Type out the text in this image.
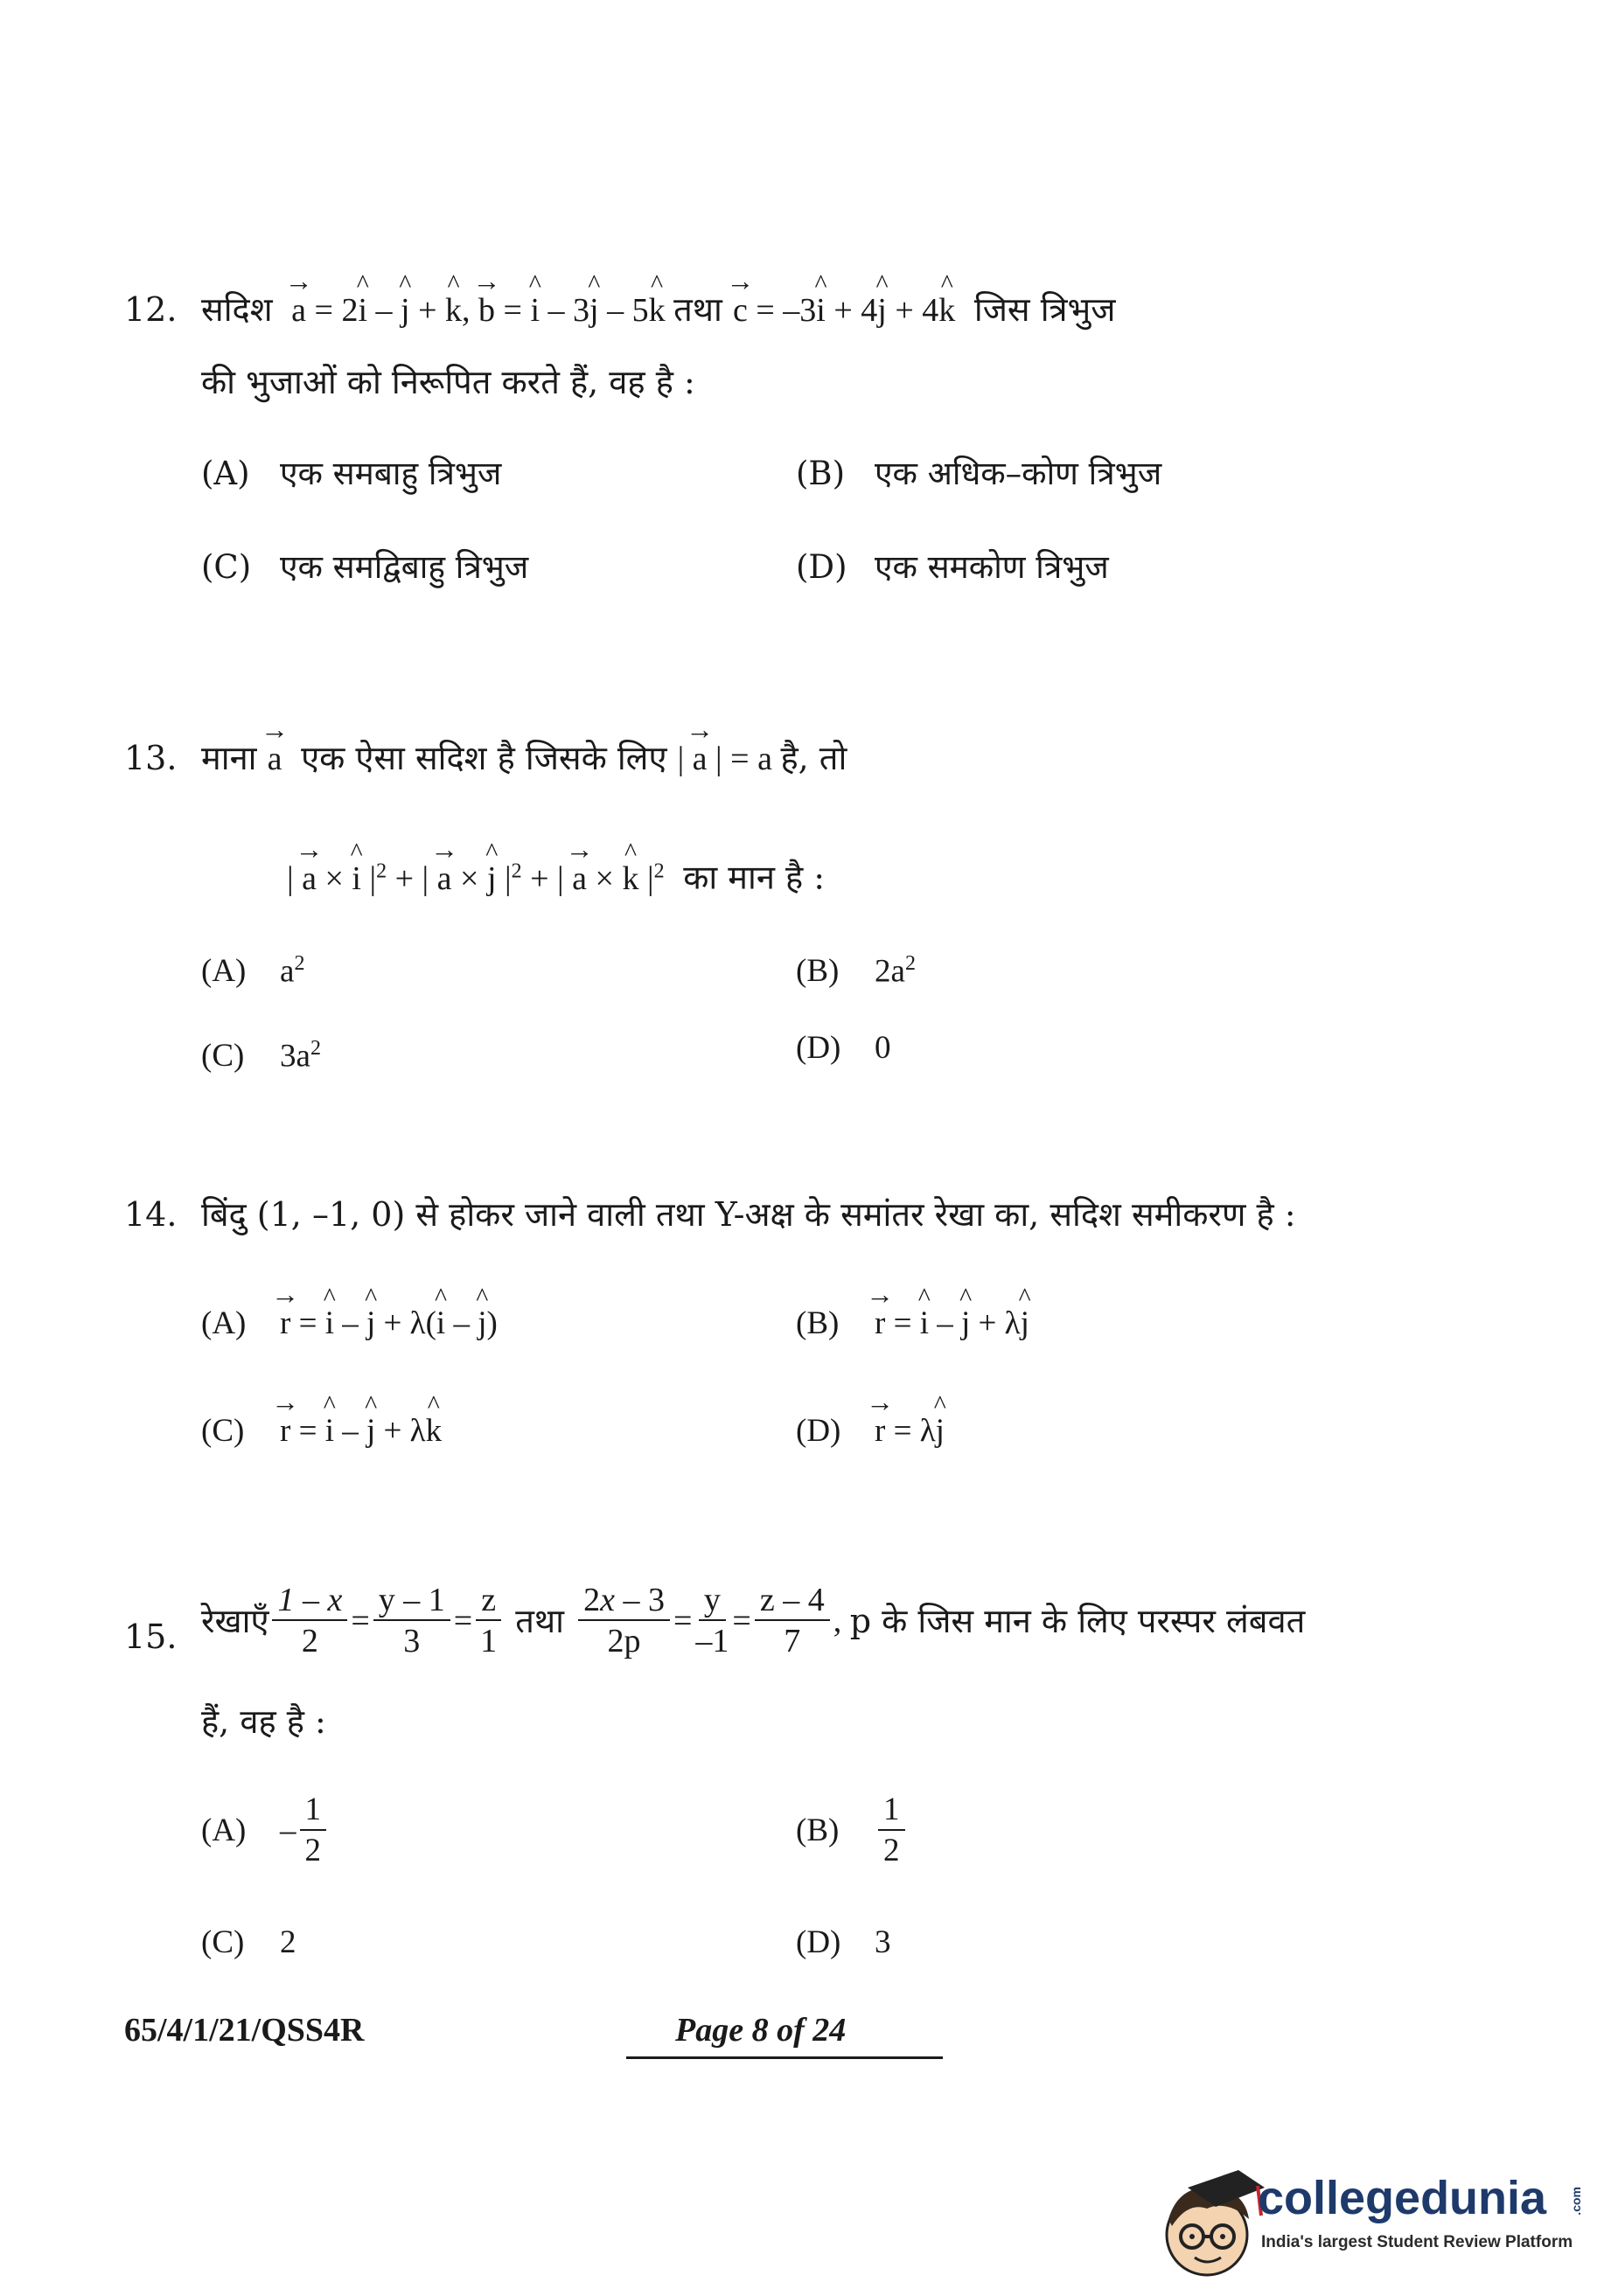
12. सदिश → a = 2^ i – ^ j + ^ k, → b = ^ i – 3^ j – 5^ k तथा → c = –3^ i + 4^ j + 4^ k जिस त्रिभुज
की भुजाओं को निरूपित करते हैं, वह है :
(A) एक समबाहु त्रिभुज	(B) एक अधिक–कोण त्रिभुज
(C) एक समद्विबाहु त्रिभुज	(D) एक समकोण त्रिभुज
13. माना → a एक ऐसा सदिश है जिसके लिए | → a | = a है, तो
| → a × ^ i $|^2$ + | → a × ^ j $|^2$ + | → a × ^ k $|^2$ का मान है :
(A) $a^2$	(B) $2a^2$
(C) $3a^2$	(D) 0
14. बिंदु (1, –1, 0) से होकर जाने वाली तथा Y-अक्ष के समांतर रेखा का, सदिश समीकरण है :
(A) → r = ^ i – ^ j + λ(^ i – ^ j)	(B) → r = ^ i – ^ j + λ^ j
(C) → r = ^ i – ^ j + λ^ k	(D) → r = λ^ j
15. रेखाएँ $\frac{1 - x}{2} = \frac{y - 1}{3} = \frac{z}{1}$
तथा
$\frac{2x - 3}{2p} = \frac{y}{-1} = \frac{z - 4}{7}$ , p के जिस मान के लिए परस्पर लंबवत
हैं, वह है :
(A)	– $\frac{1}{2}$	(B)	$\frac{1}{2}$
(C) 2	(D) 3
65/4/1/21/QSS4R	Page 8 of 24
collegedunia .com
India's largest Student Review Platform
